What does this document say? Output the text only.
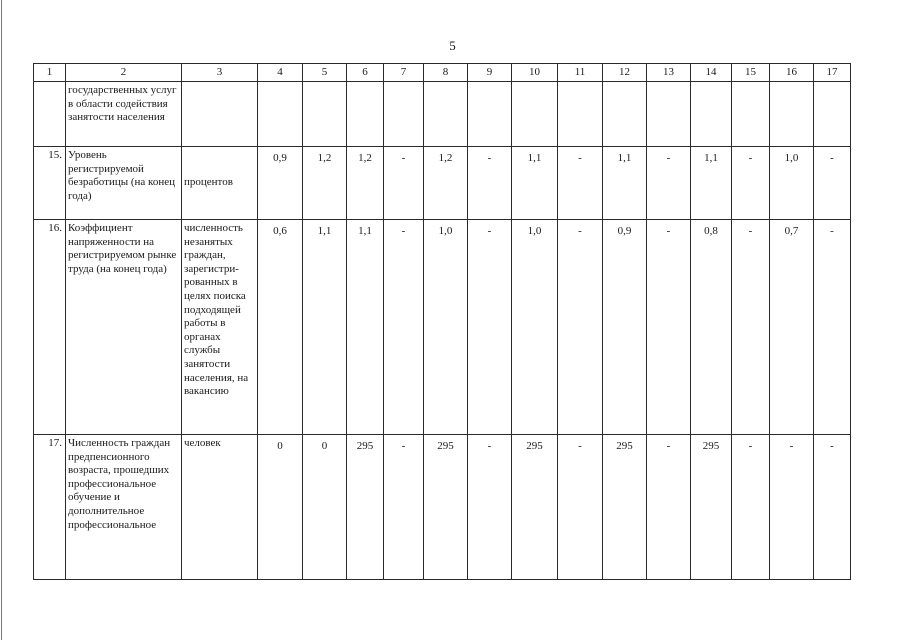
5
1	2	3	4	5	6	7	8	9	10	11	12	13	14	15	16	17
	государственных услуг в области содействия занятости населения															
15.	Уровень регистрируемой безработицы (на конец года)	процентов	0,9	1,2	1,2	-	1,2	-	1,1	-	1,1	-	1,1	-	1,0	-
16.	Коэффициент напряженности на регистрируемом рынке труда (на конец года)	численность незанятых граждан, зарегистри-рованных в целях поиска подходящей работы в органах службы занятости населения, на вакансию	0,6	1,1	1,1	-	1,0	-	1,0	-	0,9	-	0,8	-	0,7	-
17.	Численность граждан предпенсионного возраста, прошедших профессиональное обучение и дополнительное профессиональное	человек	0	0	295	-	295	-	295	-	295	-	295	-	-	-
